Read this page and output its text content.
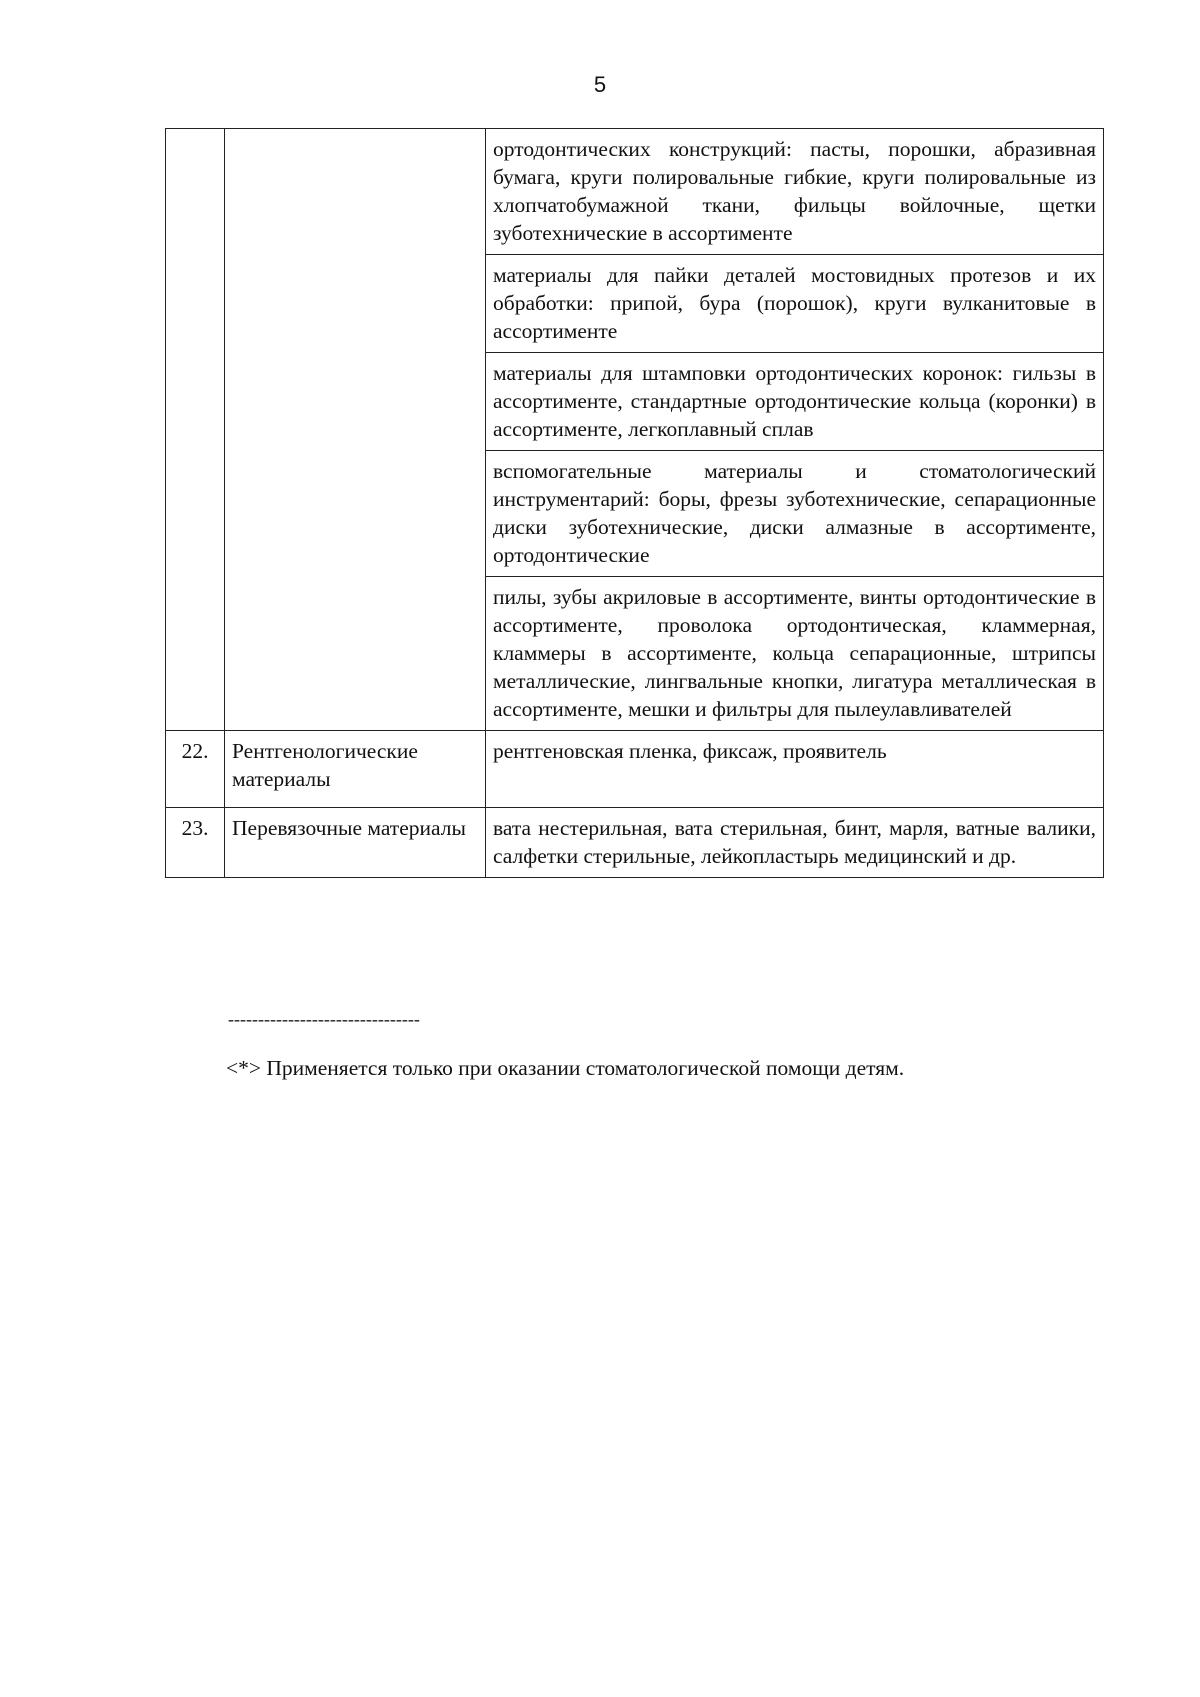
5
		ортодонтических конструкций: пасты, порошки, абразивная бумага, круги полировальные гибкие, круги полировальные из хлопчатобумажной ткани, фильцы войлочные, щетки зуботехнические в ассортименте
		материалы для пайки деталей мостовидных протезов и их обработки: припой, бура (порошок), круги вулканитовые в ассортименте
		материалы для штамповки ортодонтических коронок: гильзы в ассортименте, стандартные ортодонтические кольца (коронки) в ассортименте, легкоплавный сплав
		вспомогательные материалы и стоматологический инструментарий: боры, фрезы зуботехнические, сепарационные диски зуботехнические, диски алмазные в ассортименте, ортодонтические
		пилы, зубы акриловые в ассортименте, винты ортодонтические в ассортименте, проволока ортодонтическая, кламмерная, кламмеры в ассортименте, кольца сепарационные, штрипсы металлические, лингвальные кнопки, лигатура металлическая в ассортименте, мешки и фильтры для пылеулавливателей
22.	Рентгенологические материалы	рентгеновская пленка, фиксаж, проявитель
23.	Перевязочные материалы	вата нестерильная, вата стерильная, бинт, марля, ватные валики, салфетки стерильные, лейкопластырь медицинский и др.
--------------------------------
<*> Применяется только при оказании стоматологической помощи детям.
